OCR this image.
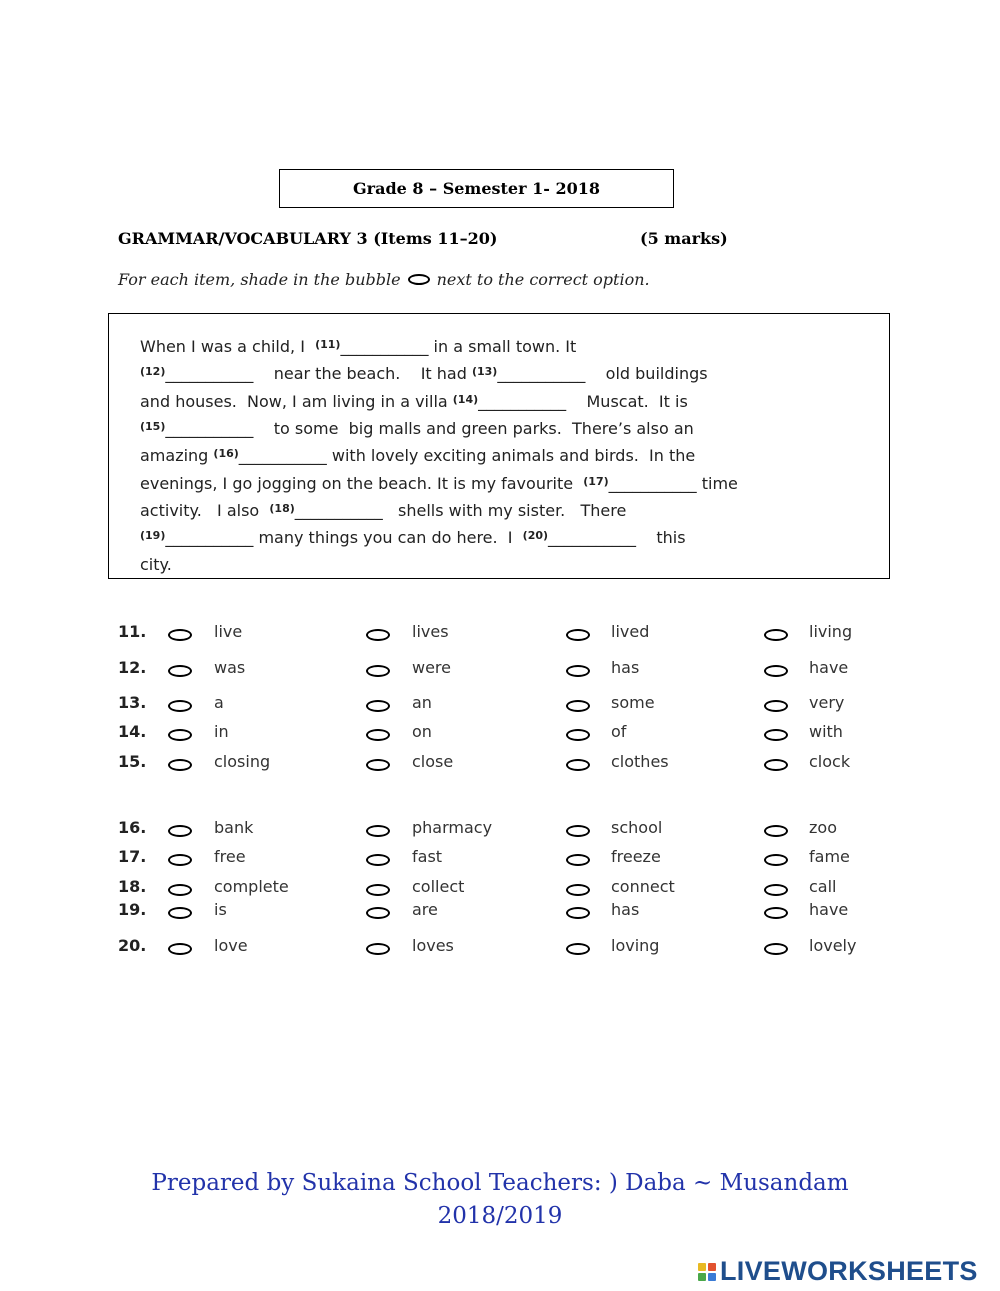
Grade 8 – Semester 1- 2018
GRAMMAR/VOCABULARY 3 (Items 11–20)	(5 marks)
For each item, shade in the bubble next to the correct option.
When I was a child, I  $^{(11)}$___________ in a small town. It
$^{(12)}$___________    near the beach.    It had $^{(13)}$___________    old buildings
and houses.  Now, I am living in a villa $^{(14)}$___________    Muscat.  It is
$^{(15)}$___________    to some  big malls and green parks.  There’s also an
amazing $^{(16)}$___________ with lovely exciting animals and birds.  In the
evenings, I go jogging on the beach. It is my favourite  $^{(17)}$___________ time
activity.   I also  $^{(18)}$___________   shells with my sister.   There
$^{(19)}$___________ many things you can do here.  I  $^{(20)}$___________    this
city.
11.	live	lives	lived	living
12.	was	were	has	have
13.	a	an	some	very
14.	in	on	of	with
15.	closing	close	clothes	clock
16.	bank	pharmacy	school	zoo
17.	free	fast	freeze	fame
18.	complete	collect	connect	call
19.	is	are	has	have
20.	love	loves	loving	lovely
Prepared by Sukaina School Teachers: ) Daba ~ Musandam
2018/2019
LIVEWORKSHEETS
